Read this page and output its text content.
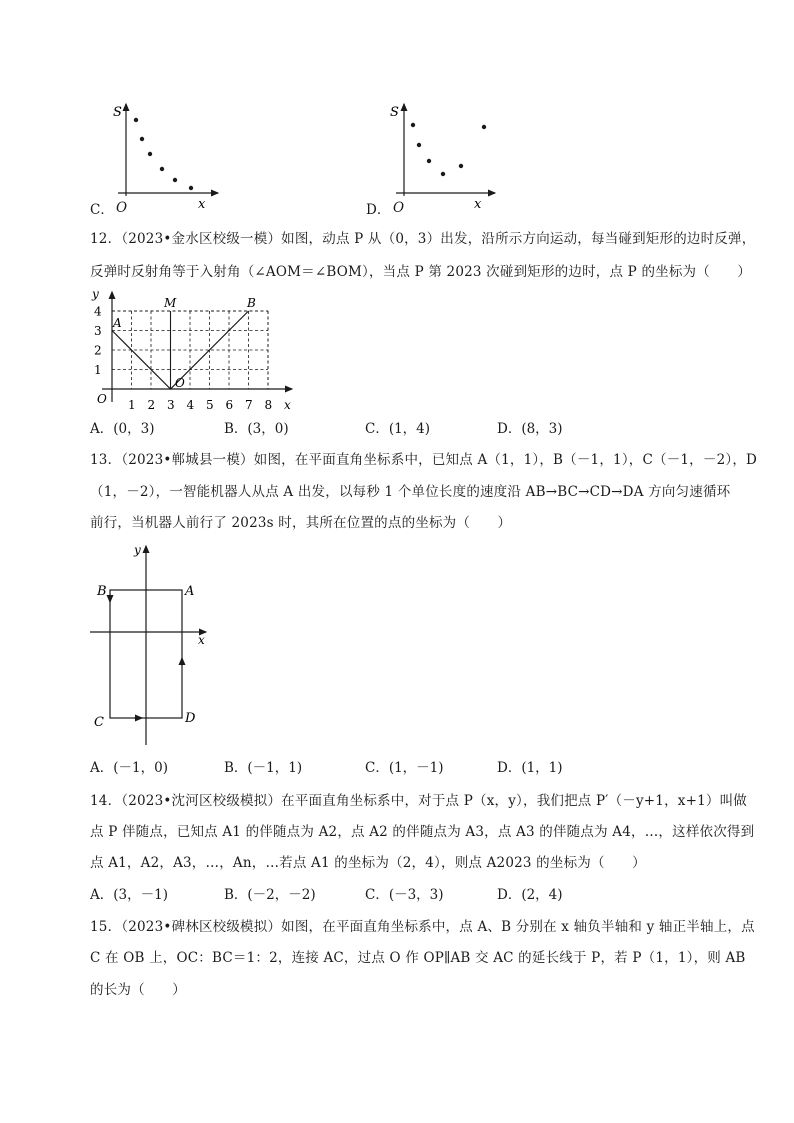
S
x
C． O
S
x
D． O
12．（2023•金水区校级一模）如图，动点 P 从（0，3）出发，沿所示方向运动，每当碰到矩形的边时反弹，
反弹时反射角等于入射角（∠AOM＝∠BOM），当点 P 第 2023 次碰到矩形的边时，点 P 的坐标为（　　）
y
x
O
O
A
B
M
1 2 3 4 5 6 7 8
1
2
3
4
A．(0，3)	B．(3，0)	C．(1，4)	D．(8，3)
13．（2023•郸城县一模）如图，在平面直角坐标系中，已知点 A（1，1），B（－1，1），C（－1，－2），D
（1，－2），一智能机器人从点 A 出发，以每秒 1 个单位长度的速度沿 AB→BC→CD→DA 方向匀速循环
前行，当机器人前行了 2023s 时，其所在位置的点的坐标为（　　）
y
x
A
B
C	D
A．(－1，0)	B．(－1，1)	C．(1，－1)	D．(1，1)
14．（2023•沈河区校级模拟）在平面直角坐标系中，对于点 P（x，y），我们把点 P′（－y+1，x+1）叫做
点 P 伴随点，已知点 A1 的伴随点为 A2，点 A2 的伴随点为 A3，点 A3 的伴随点为 A4，…，这样依次得到
点 A1，A2，A3，…，An，…若点 A1 的坐标为（2，4），则点 A2023 的坐标为（　　）
A．(3，－1)	B．(－2，－2)	C．(－3，3)	D．(2，4)
15．（2023•碑林区校级模拟）如图，在平面直角坐标系中，点 A、B 分别在 x 轴负半轴和 y 轴正半轴上，点
C 在 OB 上，OC：BC＝1：2，连接 AC，过点 O 作 OP∥AB 交 AC 的延长线于 P，若 P（1，1），则 AB
的长为（　　）
